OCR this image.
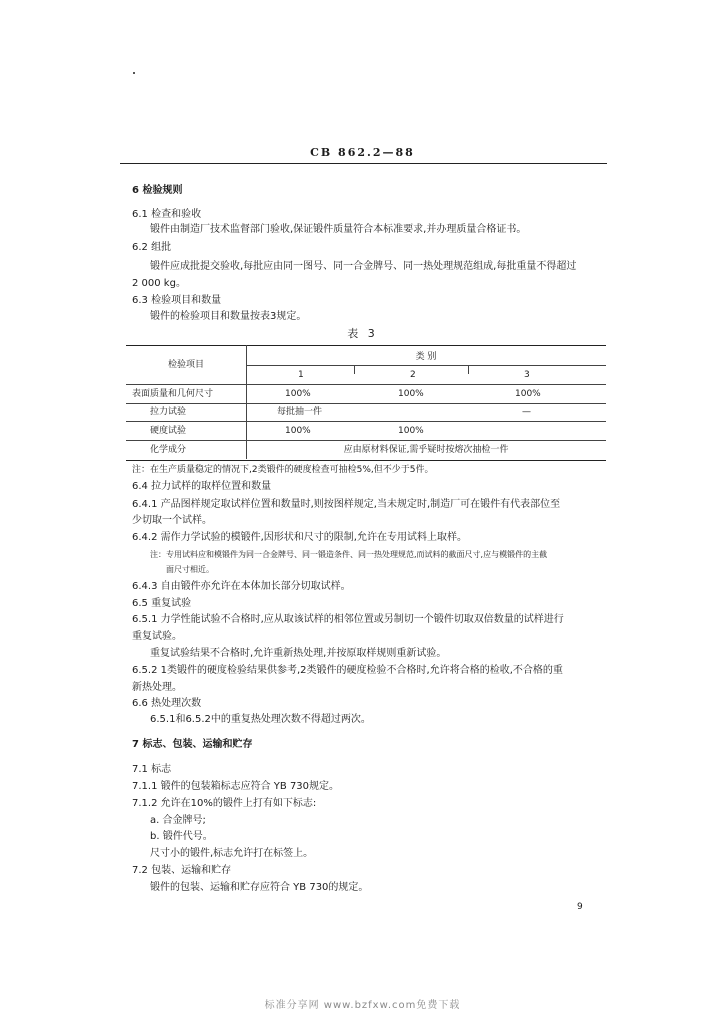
CB 862.2—88
6 检验规则
6.1 检查和验收
锻件由制造厂技术监督部门验收,保证锻件质量符合本标准要求,并办理质量合格证书。
6.2 组批
锻件应成批提交验收,每批应由同一图号、同一合金牌号、同一热处理规范组成,每批重量不得超过
2 000 kg。
6.3 检验项目和数量
锻件的检验项目和数量按表3规定。
表 3
检验项目
类 别
1	2	3
表面质量和几何尺寸	100%	100%	100%
拉力试验	每批抽一件	—
硬度试验	100%	100%
化学成分	应由原材料保证,需乎疑时按熔次抽检一件
注：在生产质量稳定的情况下,2类锻件的硬度检查可抽检5%,但不少于5件。
6.4 拉力试样的取样位置和数量
6.4.1 产品图样规定取试样位置和数量时,则按图样规定,当未规定时,制造厂可在锻件有代表部位至
少切取一个试样。
6.4.2 需作力学试验的模锻件,因形状和尺寸的限制,允许在专用试料上取样。
注：专用试料应和模锻件为同一合金牌号、同一锻造条件、同一热处理规范,而试料的截面尺寸,应与模锻件的主截
面尺寸相近。
6.4.3 自由锻件亦允许在本体加长部分切取试样。
6.5 重复试验
6.5.1 力学性能试验不合格时,应从取该试样的相邻位置或另制切一个锻件切取双倍数量的试样进行
重复试验。
重复试验结果不合格时,允许重新热处理,并按原取样规则重新试验。
6.5.2 1类锻件的硬度检验结果供参考,2类锻件的硬度检验不合格时,允许将合格的检收,不合格的重
新热处理。
6.6 热处理次数
6.5.1和6.5.2中的重复热处理次数不得超过两次。
7 标志、包装、运输和贮存
7.1 标志
7.1.1 锻件的包装箱标志应符合 YB 730规定。
7.1.2 允许在10%的锻件上打有如下标志:
a. 合金牌号;
b. 锻件代号。
尺寸小的锻件,标志允许打在标签上。
7.2 包装、运输和贮存
锻件的包装、运输和贮存应符合 YB 730的规定。
9
标准分享网 www.bzfxw.com免费下载
